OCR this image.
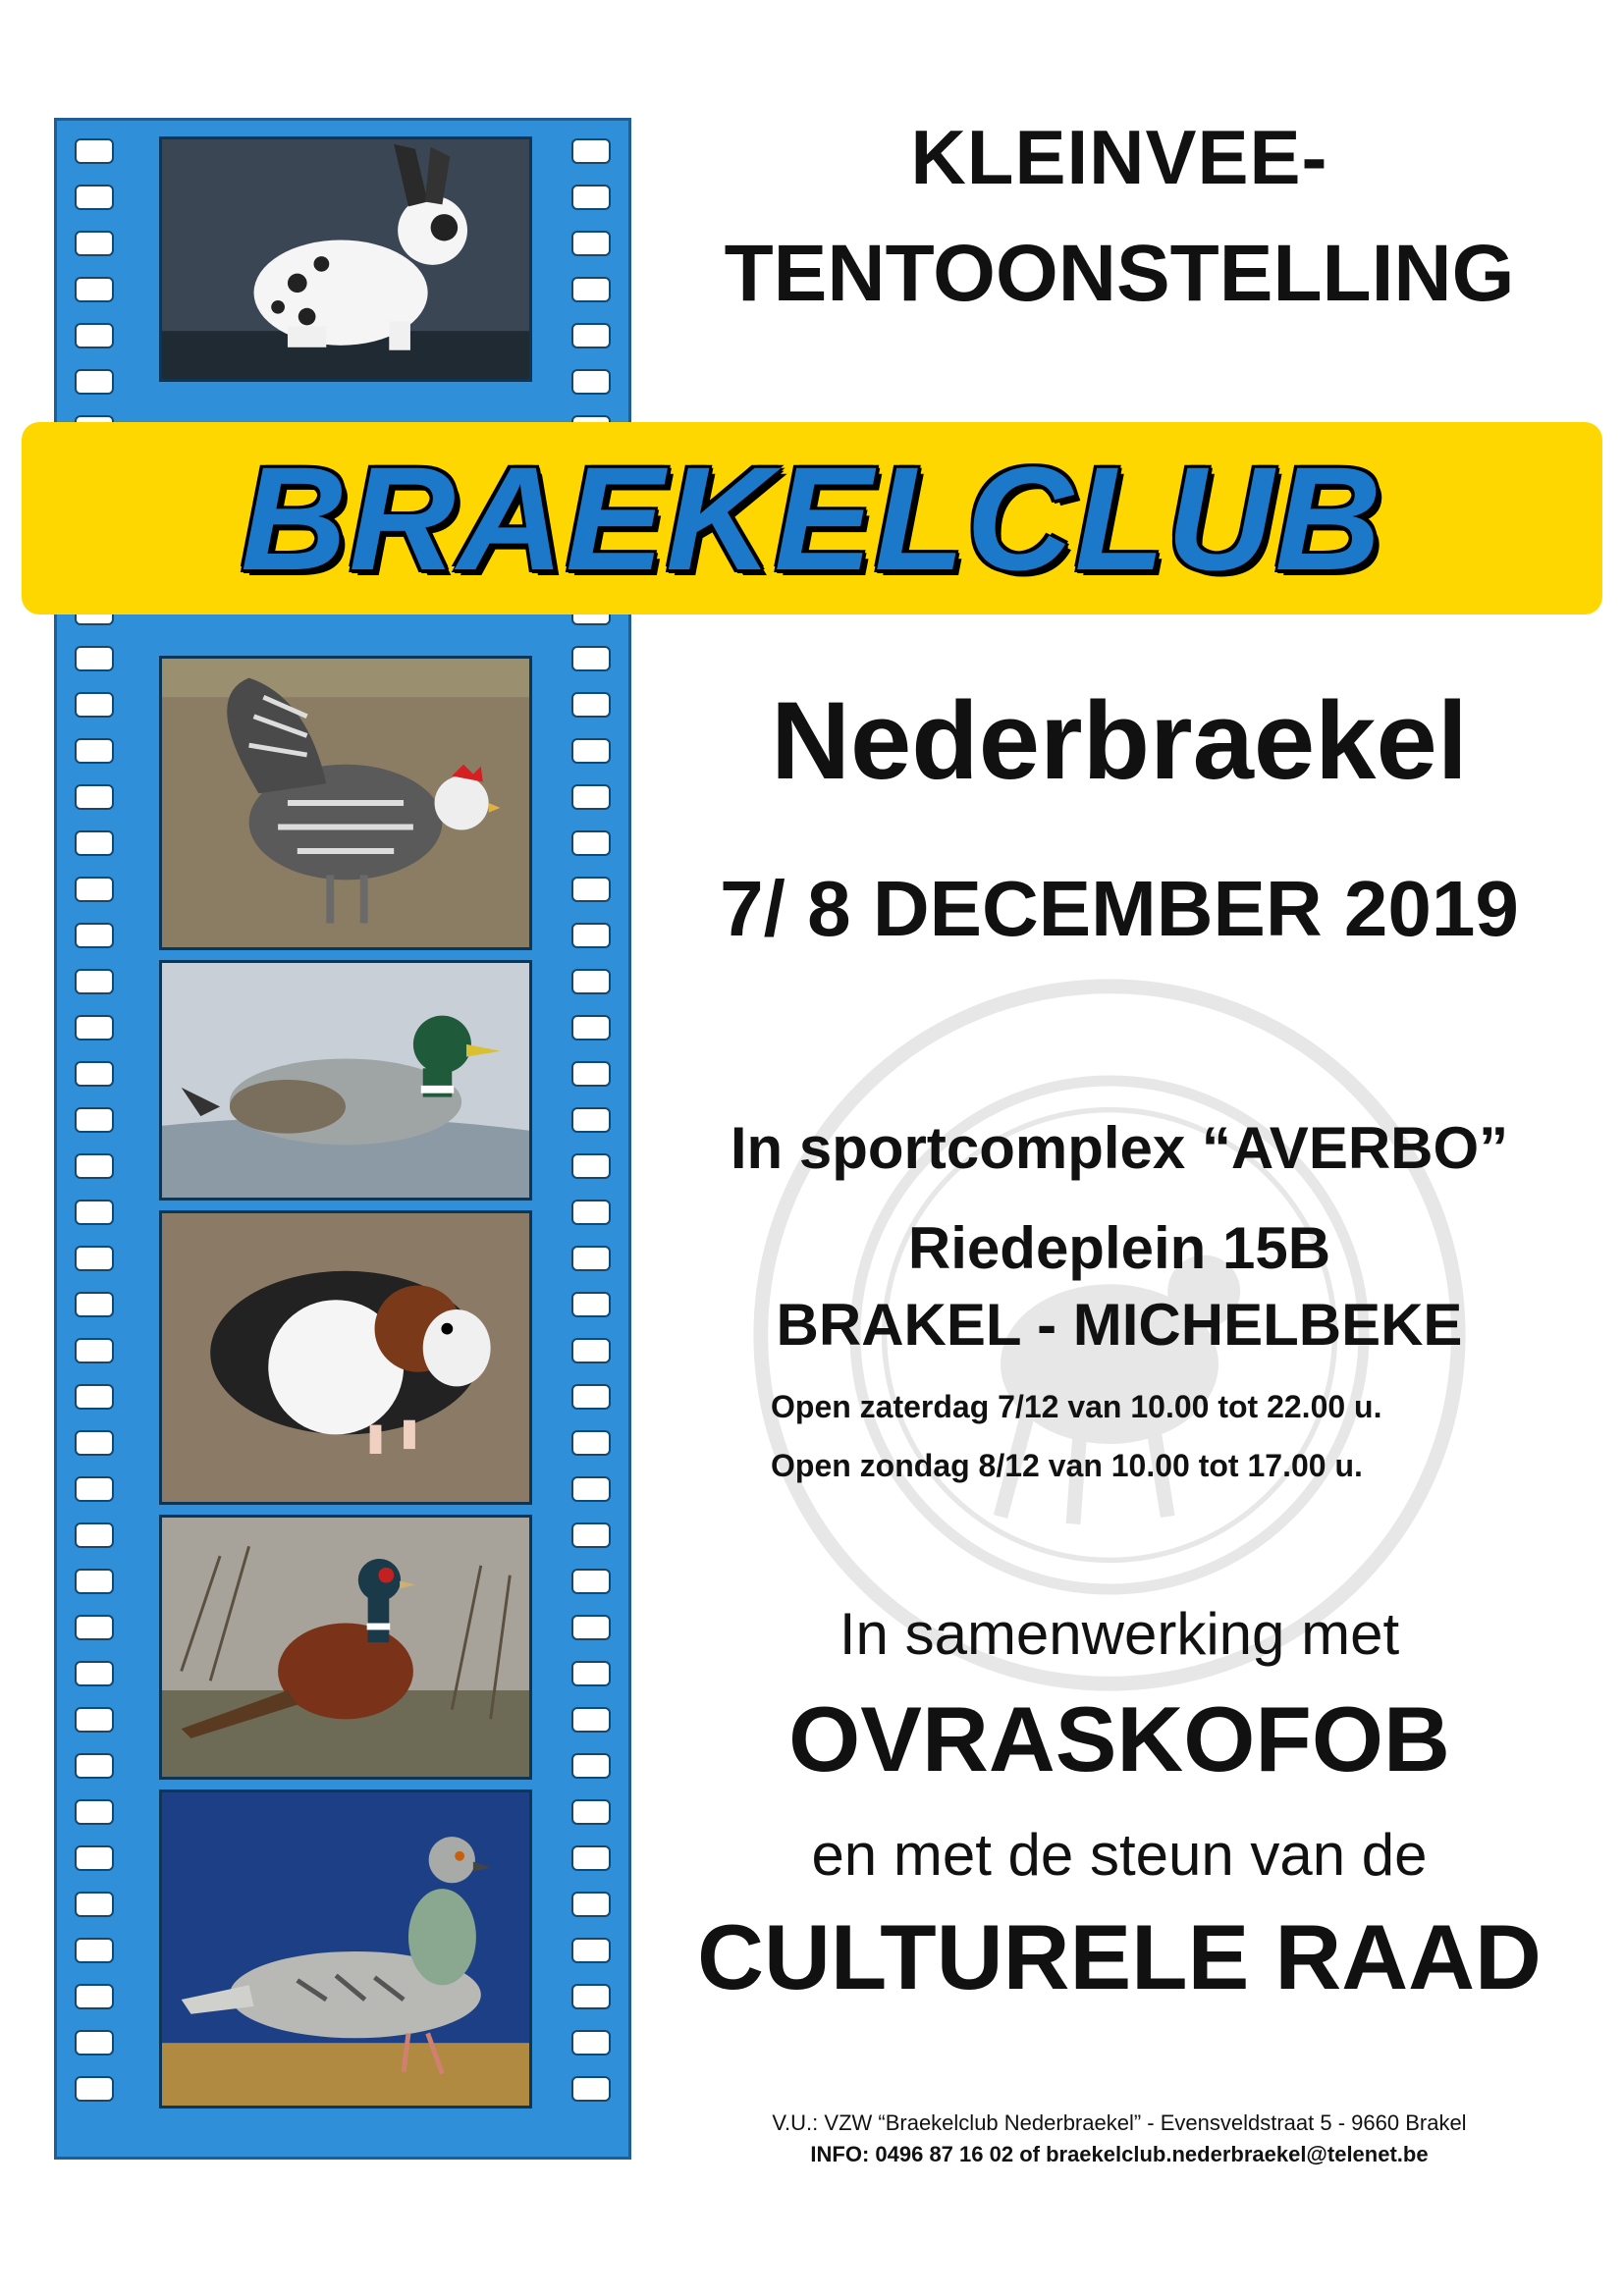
KLEINVEE-
TENTOONSTELLING
BRAEKELCLUB
Nederbraekel
7/ 8 DECEMBER 2019
In sportcomplex “AVERBO”
Riedeplein 15B
BRAKEL - MICHELBEKE
Open zaterdag 7/12 van 10.00 tot 22.00 u.
Open zondag 8/12 van 10.00 tot 17.00 u.
In samenwerking met
OVRASKOFOB
en met de steun van de
CULTURELE RAAD
V.U.: VZW “Braekelclub Nederbraekel” - Evensveldstraat 5 - 9660 Brakel
INFO: 0496 87 16 02 of braekelclub.nederbraekel@telenet.be
